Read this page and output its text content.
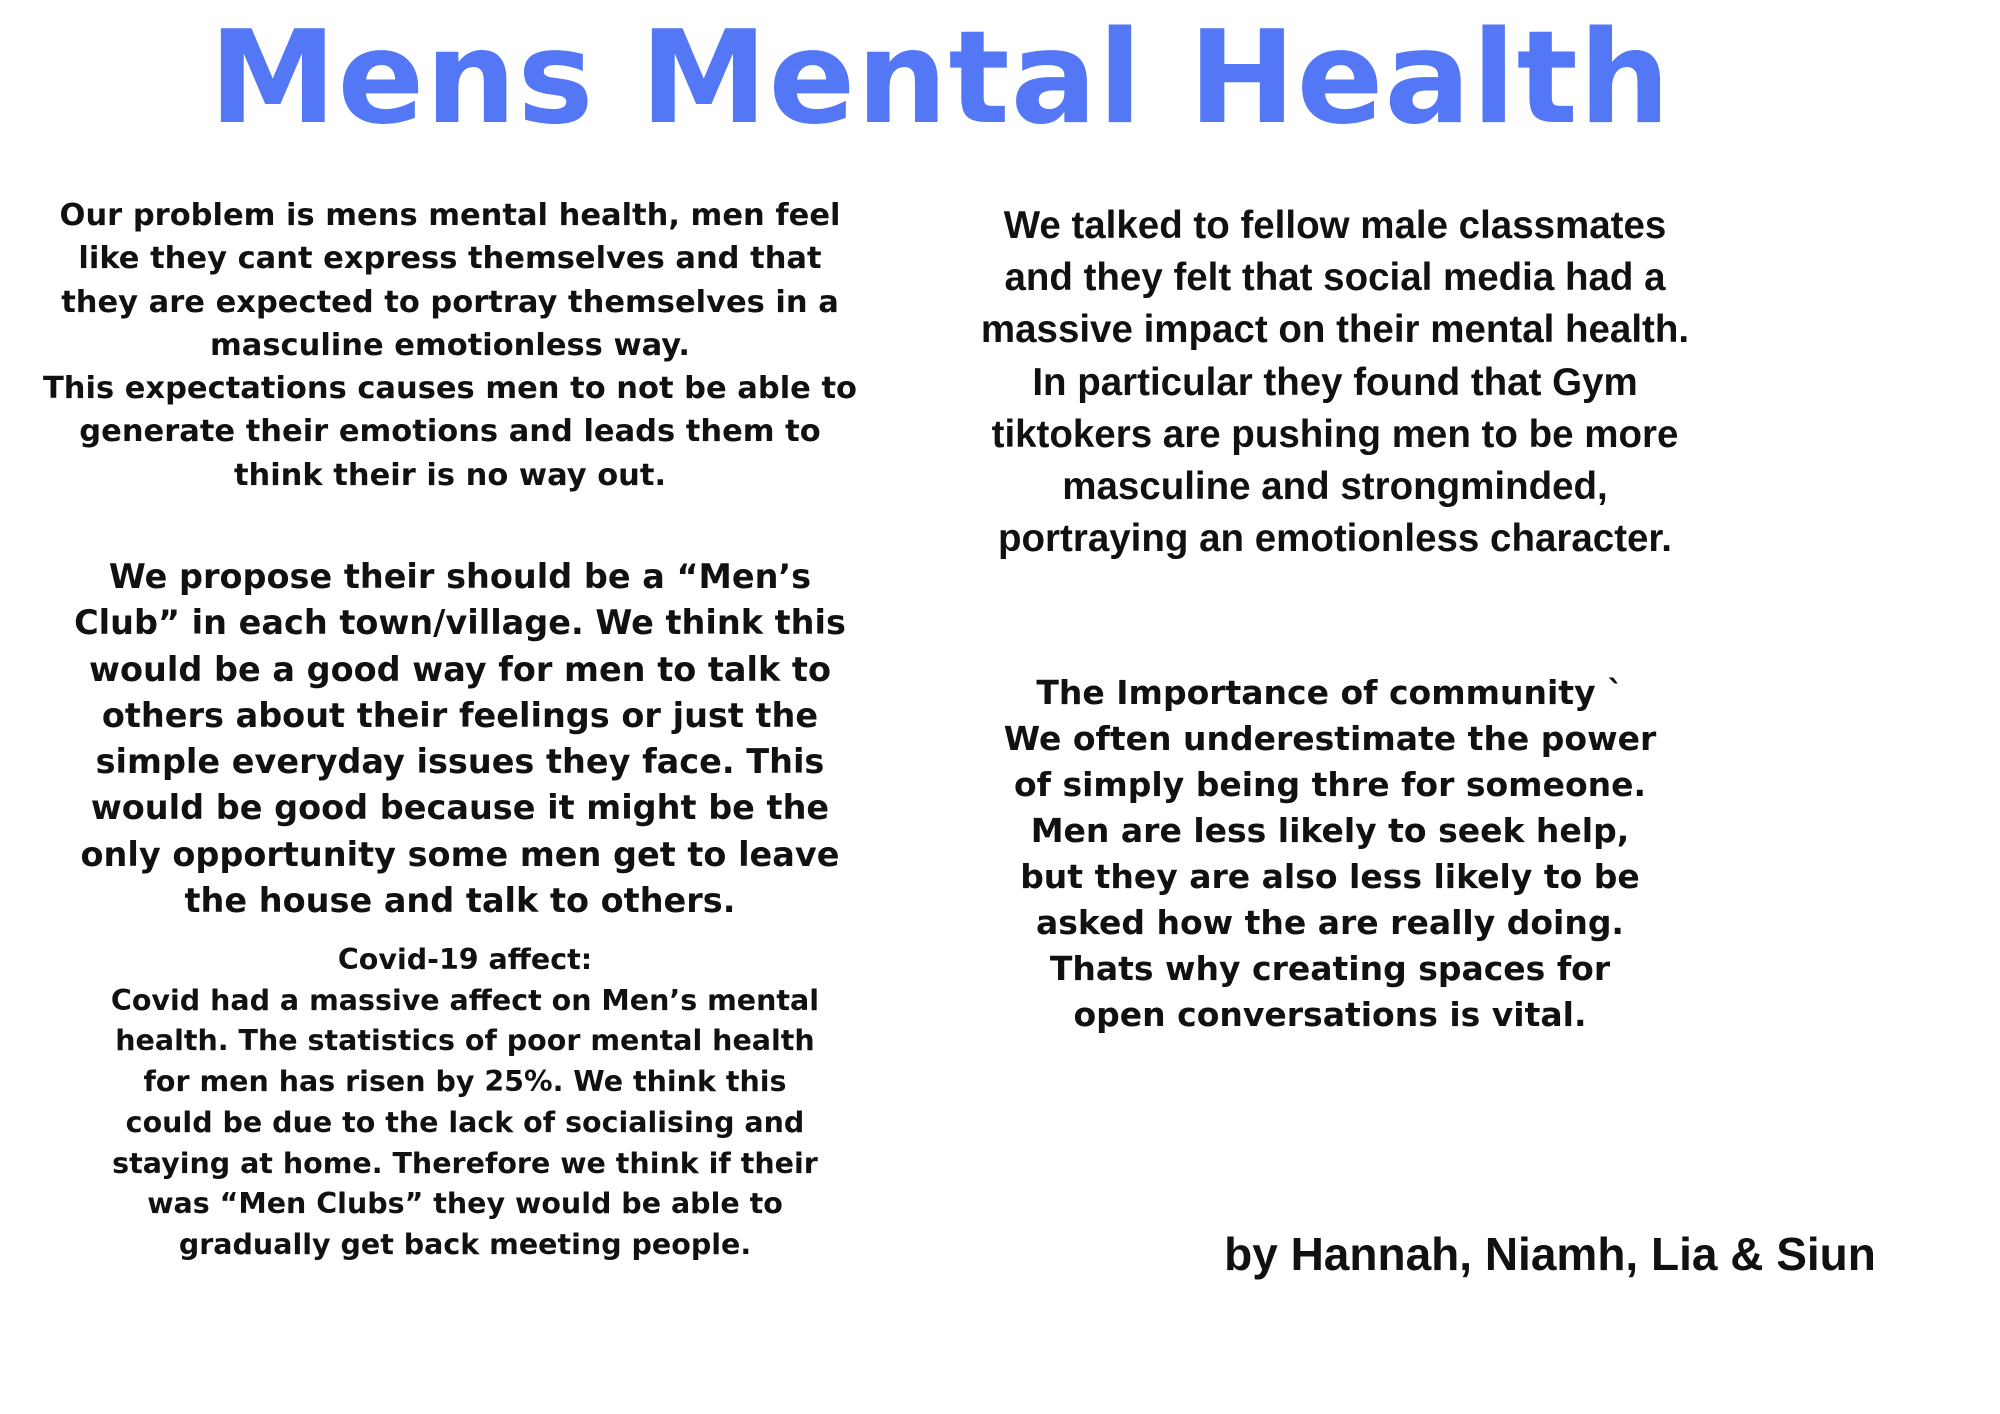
Mens Mental Health

Our problem is mens mental health, men feel like they cant express themselves and that they are expected to portray themselves in a masculine emotionless way.

This expectations causes men to not be able to generate their emotions and leads them to think their is no way out.

We propose their should be a “Men’s Club” in each town/village. We think this would be a good way for men to talk to others about their feelings or just the simple everyday issues they face. This would be good because it might be the only opportunity some men get to leave the house and talk to others.

Covid-19 affect:

Covid had a massive affect on Men’s mental health. The statistics of poor mental health for men has risen by 25%. We think this could be due to the lack of socialising and staying at home. Therefore we think if their was “Men Clubs” they would be able to gradually get back meeting people.

We talked to fellow male classmates and they felt that social media had a massive impact on their mental health. In particular they found that Gym tiktokers are pushing men to be more masculine and strongminded, portraying an emotionless character.

The Importance of community `

We often underestimate the power of simply being thre for someone. Men are less likely to seek help, but they are also less likely to be asked how the are really doing. Thats why creating spaces for open conversations is vital.

by Hannah, Niamh, Lia & Siun
